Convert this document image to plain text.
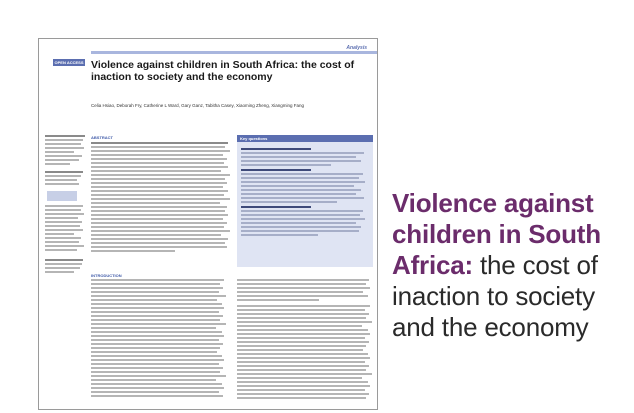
Analysis
OPEN ACCESS Violence against children in South Africa: the cost of inaction to society and the economy
Celia Hsiao, Deborah Fry, Catherine L Ward, Gary Ganz, Tabitha Casey, Xiaoming Zheng, Xiangming Fang
ABSTRACT	Key questions
INTRODUCTION
Violence against children in South Africa: the cost of inaction to society and the economy
